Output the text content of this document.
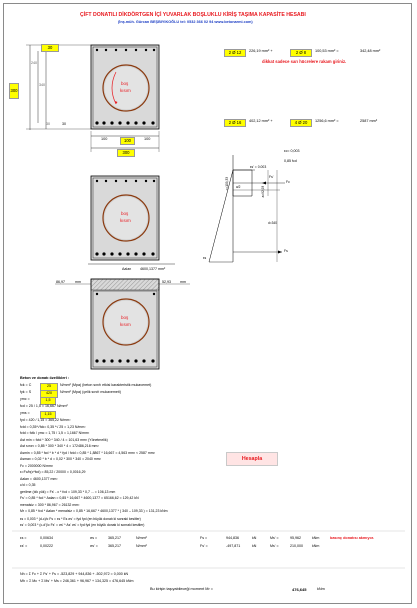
ÇİFT DONATILI DİKDÖRTGEN İÇİ YUVARLAK BOŞLUKLU KİRİŞ TAŞIMA KAPASİTE HESABI
(İnş.müh. Gürcan BEŞBIYIKOĞLU tel: 0532 366 02 94 www.betonarmi.com)
dikkat sadece sarı hücrelere rakam giriniz.
30
300
240
340
30	30
boş
kısım
100	100	100
300
2 Ø 12	226,19 mm² +	2 Ø 8	100,53 mm² =	342,48 mm²
2 Ø 16	402,12 mm² +	4 Ø 20	1256,6 mm² =	2587 mm²
boş
kısım
εc= 0,003
0,85 fcd
εs' = 0.003
Fs'
Fc
Fs
εs
c=109,33
a=92,93
d=340
a/2
Aalan 4600,1377 mm²
boş
kısım
86,97	mm	52,93	mm
Beton ve donatı özellikleri :
fck = C	25	N/mm² (Mpa) (beton sınıfı etkisi karakteristik mukavemet)
fyk = S	420	N/mm² (Mpa) (çelik sınıfı mukavemeti)
γmc =	1,5
fcd = 25 / 1,5 = 16,667 N/mm²
γms =	1,15
fyd = 420 / 1,15 = 365,22 N/mm²
fctd = 0,35*√fck= 0,35 *√ 25 = 1,23 N/mm²
fctd = fctk / γmc = 1,75 / 1,5 = 1,1667 N/mm²
Ast min = fctd * 300 * 340 / 4 = 101,63 mm² (Yönetmelik)
Ast sınırı = 0,85 * 300 * 340 * 4 = 172486,216 mm²
Asmin = 0,85 * fcd * b * d * fyd / fctd = 0,85 * 1,8867 * 16,667 = 4,563 mm² < 2587 mm²
Asmax = 0,02 * b * d = 0,02 * 300 * 340 = 2040 mm²
Fc = 2000000 N/mm²
ε=Fc/b(c*fcd) = 85,22 / 20000 = 0,0016,29
Aalan = 4600,1377 mm²
c/d = 0,35
gerilme (ılık yük) = Fs' - c * fcd = 109,33 * 0,7 ... = 106,13 mm
Fs' = 0,85 * fcd * Aalan = 0,85 * 16,667 * 4600,1377 = 65166,62 = 129,42 kN
menalsiz = 300 * 86,967 = 26132 mm²
Mr = 0,85 * fcd * Aalan * menalsiz = 0,85 * 16,667 * 4600,1377 * ( 340 – 109,33 ) = 131,23 kNm
Hesapla
εs = 0,003 * (d-c)/c Fs = εs * Es σs' = fyd fyd (en büyük donatı ki sonraki kesitler)
εs' = 0,003 * (c-d')/c Fs' = σs' * As' σs' = fyd fyd (en büyük donatı ki sonraki kesitler)
εs =	0,00634	σs =	365,217	N/mm²	Fs =	944,836	kN	Ms' =	95,962	kNm	basınç donatısı akmıyor.
εs' =	0,00222	σs' =	365,217	N/mm²	Fs' =	-497,871	kN	Ms' =	210,000	kNm
Nh = Σ Fc + Σ Fs' + Fs = -523,829 + 944,836 + -502,972 = 0,000 kN
Mh = Σ Mc + Σ Ms' + Ms = 246,361 + 96,967 + 134,325 = 476,645 kNm
Bu kirişin taşıyabileceği moment Mr =	476,645	kNm
